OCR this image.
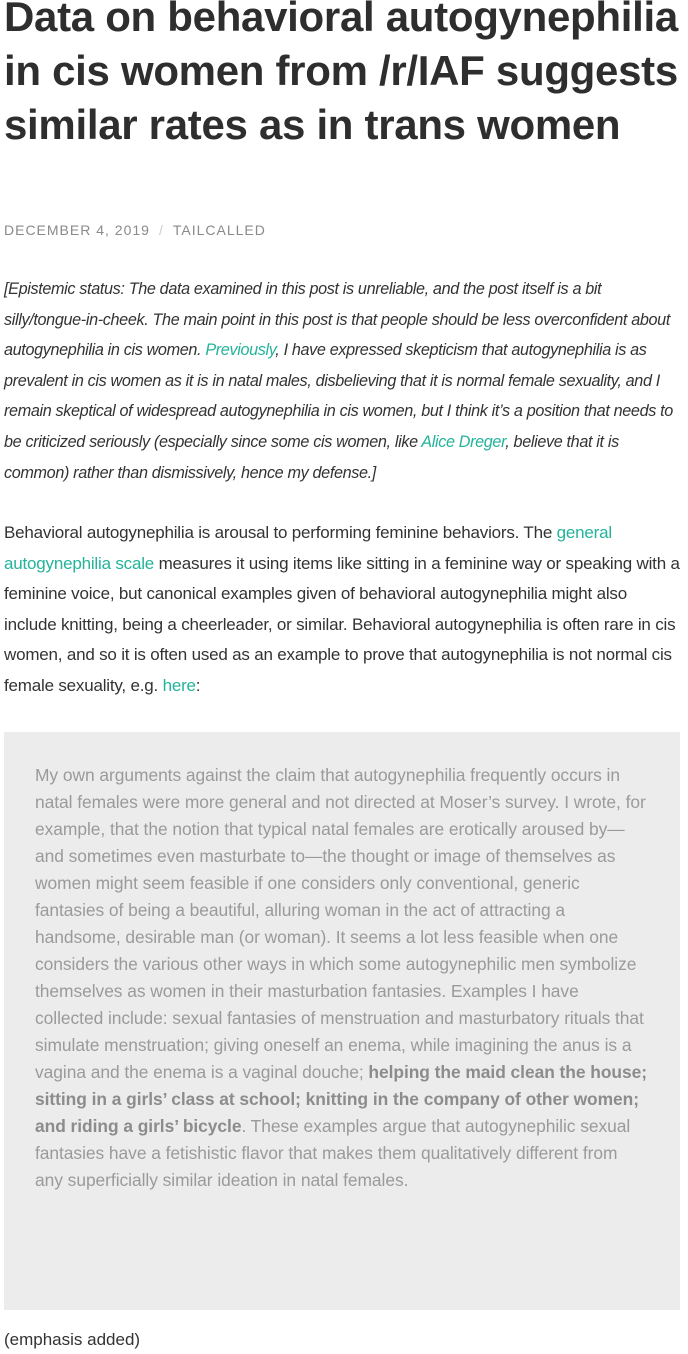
Data on behavioral autogynephilia in cis women from /r/IAF suggests similar rates as in trans women
DECEMBER 4, 2019 / TAILCALLED

[Epistemic status: The data examined in this post is unreliable, and the post itself is a bit silly/tongue-in-cheek. The main point in this post is that people should be less overconfident about autogynephilia in cis women. Previously, I have expressed skepticism that autogynephilia is as prevalent in cis women as it is in natal males, disbelieving that it is normal female sexuality, and I remain skeptical of widespread autogynephilia in cis women, but I think it’s a position that needs to be criticized seriously (especially since some cis women, like Alice Dreger, believe that it is common) rather than dismissively, hence my defense.]

Behavioral autogynephilia is arousal to performing feminine behaviors. The general autogynephilia scale measures it using items like sitting in a feminine way or speaking with a feminine voice, but canonical examples given of behavioral autogynephilia might also include knitting, being a cheerleader, or similar. Behavioral autogynephilia is often rare in cis women, and so it is often used as an example to prove that autogynephilia is not normal cis female sexuality, e.g. here:

My own arguments against the claim that autogynephilia frequently occurs in natal females were more general and not directed at Moser’s survey. I wrote, for example, that the notion that typical natal females are erotically aroused by—and sometimes even masturbate to—the thought or image of themselves as women might seem feasible if one considers only conventional, generic fantasies of being a beautiful, alluring woman in the act of attracting a handsome, desirable man (or woman). It seems a lot less feasible when one considers the various other ways in which some autogynephilic men symbolize themselves as women in their masturbation fantasies. Examples I have collected include: sexual fantasies of menstruation and masturbatory rituals that simulate menstruation; giving oneself an enema, while imagining the anus is a vagina and the enema is a vaginal douche; helping the maid clean the house; sitting in a girls’ class at school; knitting in the company of other women; and riding a girls’ bicycle. These examples argue that autogynephilic sexual fantasies have a fetishistic flavor that makes them qualitatively different from any superficially similar ideation in natal females.

(emphasis added)
